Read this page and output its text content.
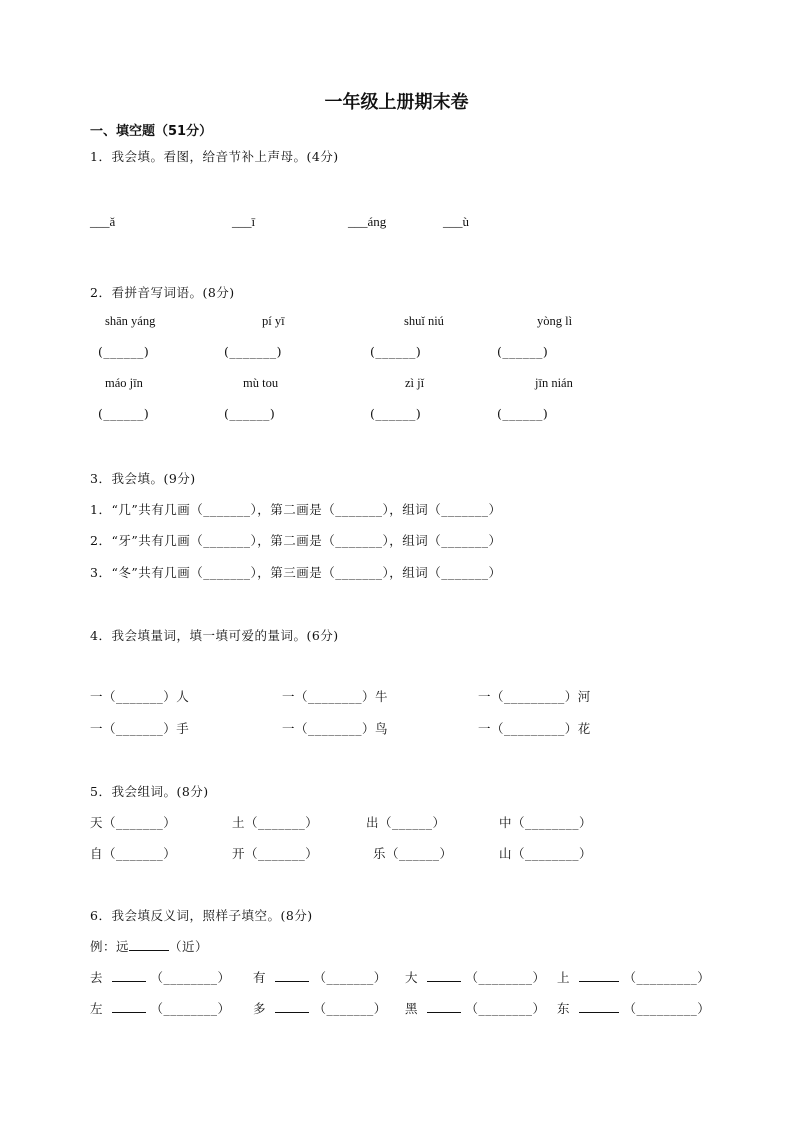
一年级上册期末卷
一、填空题（51分）
1．我会填。看图，给音节补上声母。(4分)
___ǎ	___ī	___áng	___ù
2．看拼音写词语。(8分)
shān yáng	pí yī	shuǐ niú	yòng lì
(______)	(_______)	(______)	(______)
máo jīn	mù tou	zì jǐ	jīn nián
(______)	(______)	(______)	(______)
3．我会填。(9分)
1．“几”共有几画（_______），第二画是（_______），组词（_______）
2．“牙”共有几画（_______），第二画是（_______），组词（_______）
3．“冬”共有几画（_______），第三画是（_______），组词（_______）
4．我会填量词，填一填可爱的量词。(6分)
一（_______）人	一（________）牛	一（_________）河
一（_______）手	一（________）鸟	一（_________）花
5．我会组词。(8分)
天（_______）	土（_______）	出（______）	中（________）
自（_______）	开（_______）	乐（______）	山（________）
6．我会填反义词，照样子填空。(8分)
例：远	（近）
去	（________） 有	（_______） 大	（________） 上	（_________）
左	（________） 多	（_______） 黑	（________） 东	（_________）
